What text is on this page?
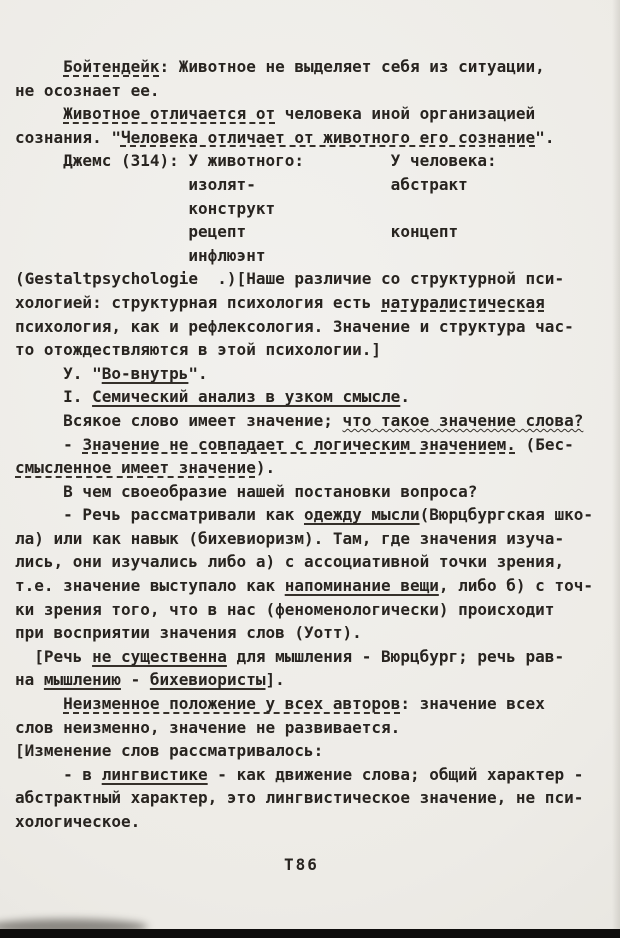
Бойтендейк: Животное не выделяет себя из ситуации,
не осознает ее.
Животное отличается от человека иной организацией
сознания. "Человека отличает от животного его сознание".
Джемс (314): У животного:         У человека:
изолят-              абстракт
конструкт
рецепт               концепт
инфлюэнт
(Gestaltpsychologie  .)[Наше различие со структурной пси-
хологией: структурная психология есть натуралистическая
психология, как и рефлексология. Значение и структура час-
то отождествляются в этой психологии.]
У. "Во-внутрь".
I. Семический анализ в узком смысле.
Всякое слово имеет значение; что такое значение слова?
- Значение не совпадает с логическим значением. (Бес-
смысленное имеет значение).
В чем своеобразие нашей постановки вопроса?
- Речь рассматривали как одежду мысли(Вюрцбургская шко-
ла) или как навык (бихевиоризм). Там, где значения изуча-
лись, они изучались либо а) с ассоциативной точки зрения,
т.е. значение выступало как напоминание вещи, либо б) с точ-
ки зрения того, что в нас (феноменологически) происходит
при восприятии значения слов (Уотт).
[Речь не существенна для мышления - Вюрцбург; речь рав-
на мышлению - бихевиористы].
Неизменное положение у всех авторов: значение всех
слов неизменно, значение не развивается.
[Изменение слов рассматривалось:
- в лингвистике - как движение слова; общий характер -
абстрактный характер, это лингвистическое значение, не пси-
хологическое.
Т86
